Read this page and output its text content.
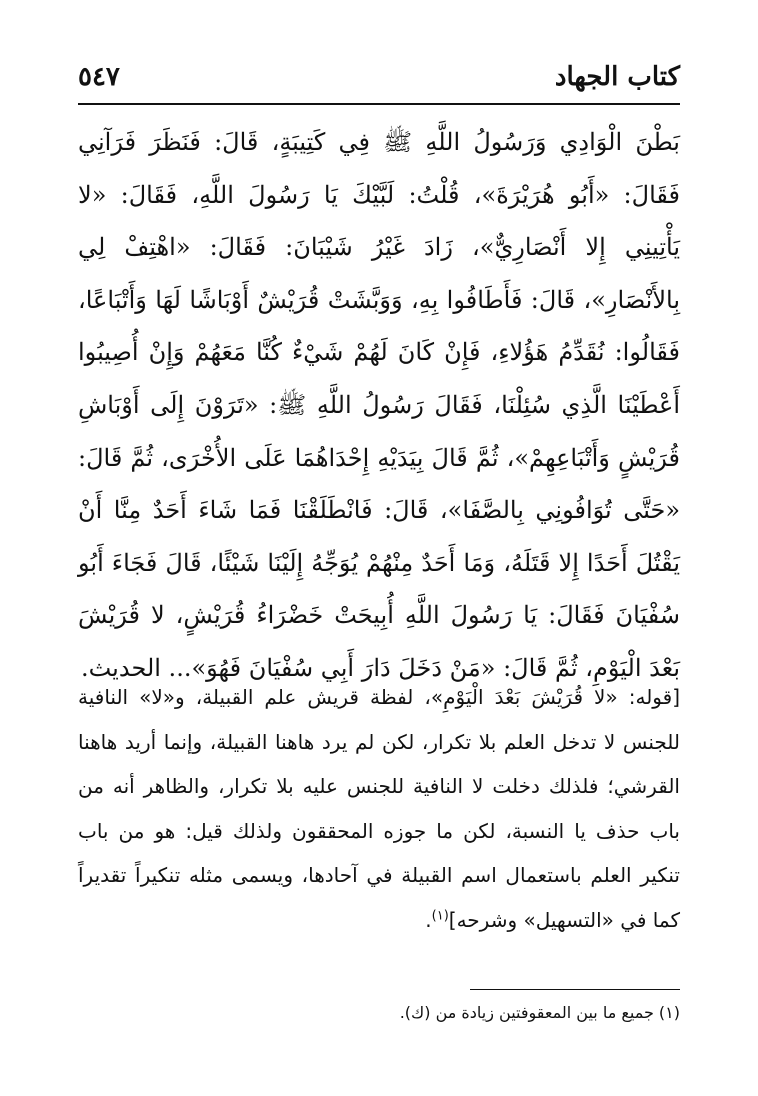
كتاب الجهاد
٥٤٧

بَطْنَ الْوَادِي وَرَسُولُ اللَّهِ ﷺ فِي كَتِيبَةٍ، قَالَ: فَنَظَرَ فَرَآنِي فَقَالَ: «أَبُو هُرَيْرَةَ»، قُلْتُ: لَبَّيْكَ يَا رَسُولَ اللَّهِ، فَقَالَ: «لا يَأْتِينِي إِلا أَنْصَارِيٌّ»، زَادَ غَيْرُ شَيْبَانَ: فَقَالَ: «اهْتِفْ لِي بِالأَنْصَارِ»، قَالَ: فَأَطَافُوا بِهِ، وَوَبَّشَتْ قُرَيْشٌ أَوْبَاشًا لَهَا وَأَتْبَاعًا، فَقَالُوا: نُقَدِّمُ هَؤُلاءِ، فَإِنْ كَانَ لَهُمْ شَيْءٌ كُنَّا مَعَهُمْ وَإِنْ أُصِيبُوا أَعْطَيْنَا الَّذِي سُئِلْنَا، فَقَالَ رَسُولُ اللَّهِ ﷺ: «تَرَوْنَ إِلَى أَوْبَاشِ قُرَيْشٍ وَأَتْبَاعِهِمْ»، ثُمَّ قَالَ بِيَدَيْهِ إِحْدَاهُمَا عَلَى الأُخْرَى، ثُمَّ قَالَ: «حَتَّى تُوَافُونِي بِالصَّفَا»، قَالَ: فَانْطَلَقْنَا فَمَا شَاءَ أَحَدٌ مِنَّا أَنْ يَقْتُلَ أَحَدًا إِلا قَتَلَهُ، وَمَا أَحَدٌ مِنْهُمْ يُوَجِّهُ إِلَيْنَا شَيْئًا، قَالَ فَجَاءَ أَبُو سُفْيَانَ فَقَالَ: يَا رَسُولَ اللَّهِ أُبِيحَتْ خَضْرَاءُ قُرَيْشٍ، لا قُرَيْشَ بَعْدَ الْيَوْمِ، ثُمَّ قَالَ: «مَنْ دَخَلَ دَارَ أَبِي سُفْيَانَ فَهُوَ»... الحديث.

[قوله: «لا قُرَيْشَ بَعْدَ الْيَوْمِ»، لفظة قريش علم القبيلة، و«لا» النافية للجنس لا تدخل العلم بلا تكرار، لكن لم يرد هاهنا القبيلة، وإنما أريد هاهنا القرشي؛ فلذلك دخلت لا النافية للجنس عليه بلا تكرار، والظاهر أنه من باب حذف يا النسبة، لكن ما جوزه المحققون ولذلك قيل: هو من باب تنكير العلم باستعمال اسم القبيلة في آحادها، ويسمى مثله تنكيراً تقديراً كما في «التسهيل» وشرحه]$^{(١)}$.

(١) جميع ما بين المعقوفتين زيادة من (ك).
